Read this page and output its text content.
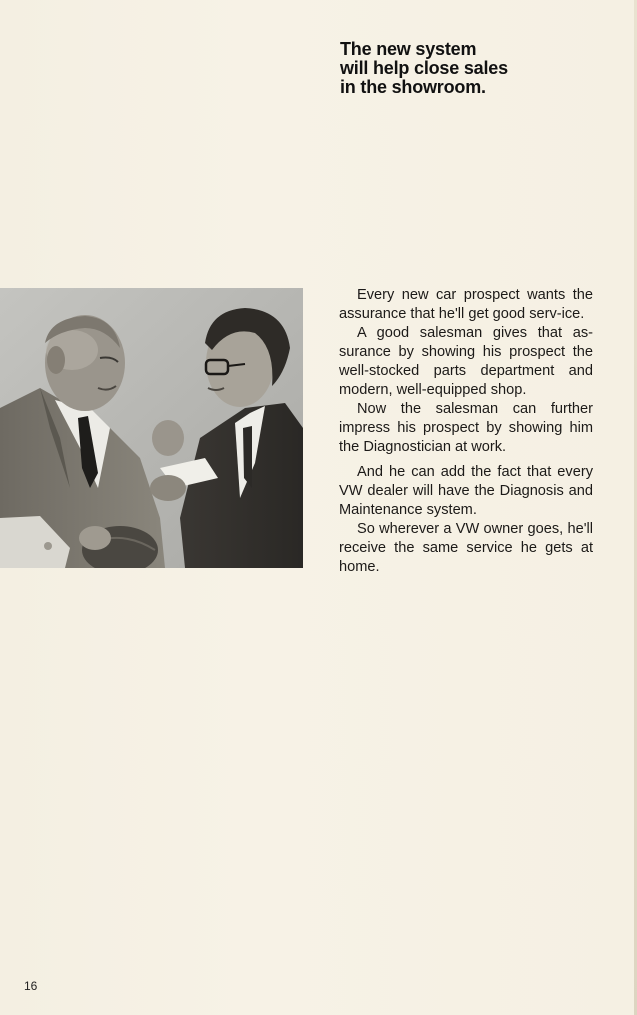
The new system
will help close sales
in the showroom.

Every new car prospect wants the assurance that he'll get good serv-ice.

A good salesman gives that as-surance by showing his prospect the well-stocked parts department and modern, well-equipped shop.

Now the salesman can further impress his prospect by showing him the Diagnostician at work.

And he can add the fact that every VW dealer will have the Diagnosis and Maintenance system.

So wherever a VW owner goes, he'll receive the same service he gets at home.

16
